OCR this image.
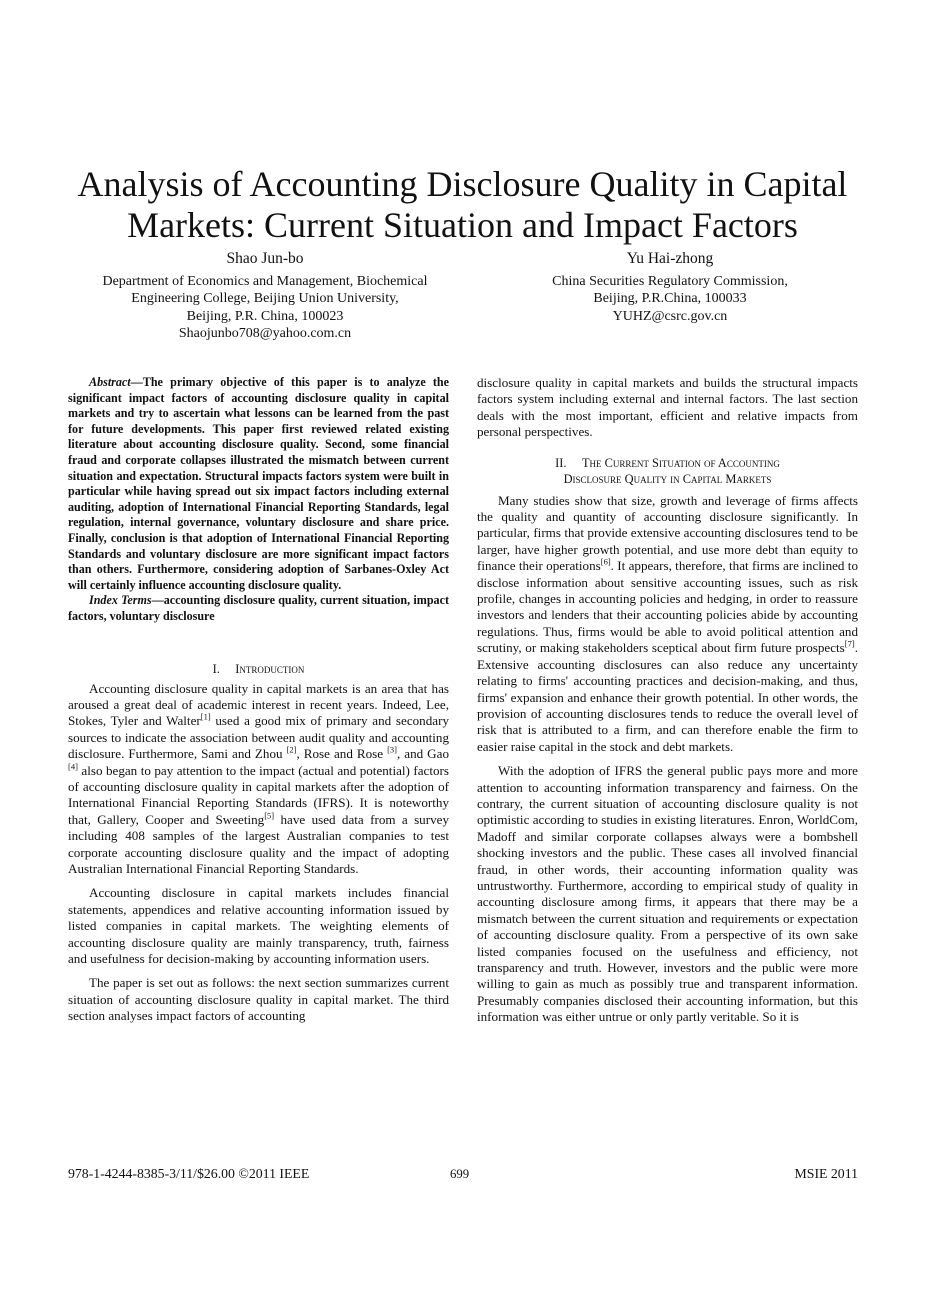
Analysis of Accounting Disclosure Quality in Capital Markets: Current Situation and Impact Factors
Shao Jun-bo
Department of Economics and Management, Biochemical
Engineering College, Beijing Union University,
Beijing, P.R. China, 100023
Shaojunbo708@yahoo.com.cn
Yu Hai-zhong
China Securities Regulatory Commission,
Beijing, P.R.China, 100033
YUHZ@csrc.gov.cn

Abstract—The primary objective of this paper is to analyze the significant impact factors of accounting disclosure quality in capital markets and try to ascertain what lessons can be learned from the past for future developments. This paper first reviewed related existing literature about accounting disclosure quality. Second, some financial fraud and corporate collapses illustrated the mismatch between current situation and expectation. Structural impacts factors system were built in particular while having spread out six impact factors including external auditing, adoption of International Financial Reporting Standards, legal regulation, internal governance, voluntary disclosure and share price. Finally, conclusion is that adoption of International Financial Reporting Standards and voluntary disclosure are more significant impact factors than others. Furthermore, considering adoption of Sarbanes-Oxley Act will certainly influence accounting disclosure quality.

Index Terms—accounting disclosure quality, current situation, impact factors, voluntary disclosure

I.     Introduction

Accounting disclosure quality in capital markets is an area that has aroused a great deal of academic interest in recent years. Indeed, Lee, Stokes, Tyler and Walter[1] used a good mix of primary and secondary sources to indicate the association between audit quality and accounting disclosure. Furthermore, Sami and Zhou [2], Rose and Rose [3], and Gao [4] also began to pay attention to the impact (actual and potential) factors of accounting disclosure quality in capital markets after the adoption of International Financial Reporting Standards (IFRS). It is noteworthy that, Gallery, Cooper and Sweeting[5] have used data from a survey including 408 samples of the largest Australian companies to test corporate accounting disclosure quality and the impact of adopting Australian International Financial Reporting Standards.

Accounting disclosure in capital markets includes financial statements, appendices and relative accounting information issued by listed companies in capital markets. The weighting elements of accounting disclosure quality are mainly transparency, truth, fairness and usefulness for decision-making by accounting information users.

The paper is set out as follows: the next section summarizes current situation of accounting disclosure quality in capital market. The third section analyses impact factors of accounting

disclosure quality in capital markets and builds the structural impacts factors system including external and internal factors. The last section deals with the most important, efficient and relative impacts from personal perspectives.

II.     The Current Situation of Accounting
Disclosure Quality in Capital Markets

Many studies show that size, growth and leverage of firms affects the quality and quantity of accounting disclosure significantly. In particular, firms that provide extensive accounting disclosures tend to be larger, have higher growth potential, and use more debt than equity to finance their operations[6]. It appears, therefore, that firms are inclined to disclose information about sensitive accounting issues, such as risk profile, changes in accounting policies and hedging, in order to reassure investors and lenders that their accounting policies abide by accounting regulations. Thus, firms would be able to avoid political attention and scrutiny, or making stakeholders sceptical about firm future prospects[7]. Extensive accounting disclosures can also reduce any uncertainty relating to firms' accounting practices and decision-making, and thus, firms' expansion and enhance their growth potential. In other words, the provision of accounting disclosures tends to reduce the overall level of risk that is attributed to a firm, and can therefore enable the firm to easier raise capital in the stock and debt markets.

With the adoption of IFRS the general public pays more and more attention to accounting information transparency and fairness. On the contrary, the current situation of accounting disclosure quality is not optimistic according to studies in existing literatures. Enron, WorldCom, Madoff and similar corporate collapses always were a bombshell shocking investors and the public. These cases all involved financial fraud, in other words, their accounting information quality was untrustworthy. Furthermore, according to empirical study of quality in accounting disclosure among firms, it appears that there may be a mismatch between the current situation and requirements or expectation of accounting disclosure quality. From a perspective of its own sake listed companies focused on the usefulness and efficiency, not transparency and truth. However, investors and the public were more willing to gain as much as possibly true and transparent information. Presumably companies disclosed their accounting information, but this information was either untrue or only partly veritable. So it is

978-1-4244-8385-3/11/$26.00 ©2011 IEEE	699	MSIE 2011
